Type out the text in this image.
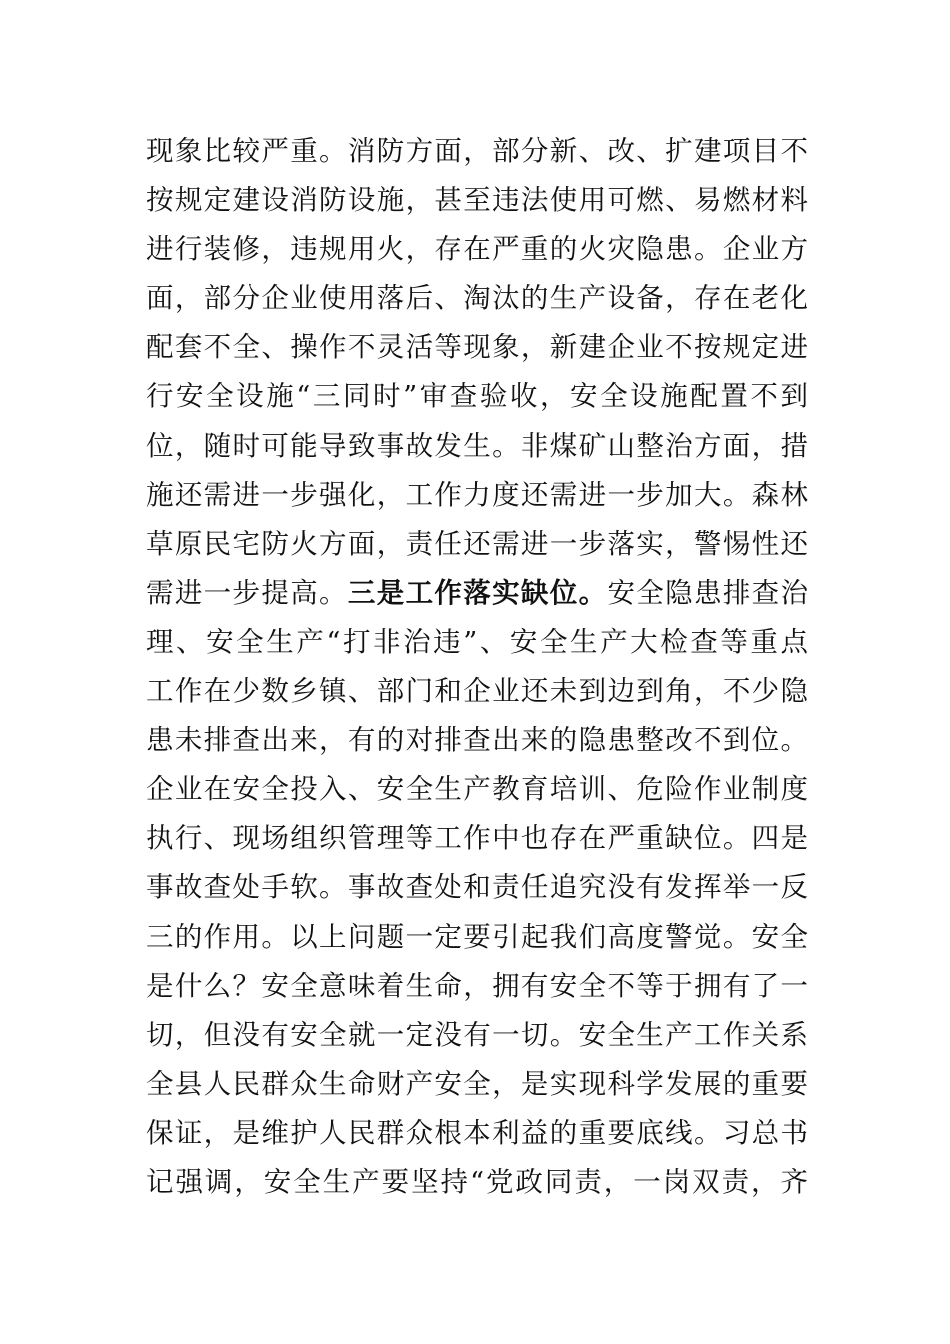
现象比较严重。消防方面，部分新、改、扩建项目不
按规定建设消防设施，甚至违法使用可燃、易燃材料
进行装修，违规用火，存在严重的火灾隐患。企业方
面，部分企业使用落后、淘汰的生产设备，存在老化
配套不全、操作不灵活等现象，新建企业不按规定进
行安全设施“三同时”审查验收，安全设施配置不到
位，随时可能导致事故发生。非煤矿山整治方面，措
施还需进一步强化，工作力度还需进一步加大。森林
草原民宅防火方面，责任还需进一步落实，警惕性还
需进一步提高。三是工作落实缺位。安全隐患排查治
理、安全生产“打非治违”、安全生产大检查等重点
工作在少数乡镇、部门和企业还未到边到角，不少隐
患未排查出来，有的对排查出来的隐患整改不到位。
企业在安全投入、安全生产教育培训、危险作业制度
执行、现场组织管理等工作中也存在严重缺位。四是
事故查处手软。事故查处和责任追究没有发挥举一反
三的作用。以上问题一定要引起我们高度警觉。安全
是什么？安全意味着生命，拥有安全不等于拥有了一
切，但没有安全就一定没有一切。安全生产工作关系
全县人民群众生命财产安全，是实现科学发展的重要
保证，是维护人民群众根本利益的重要底线。习总书
记强调，安全生产要坚持“党政同责，一岗双责，齐
